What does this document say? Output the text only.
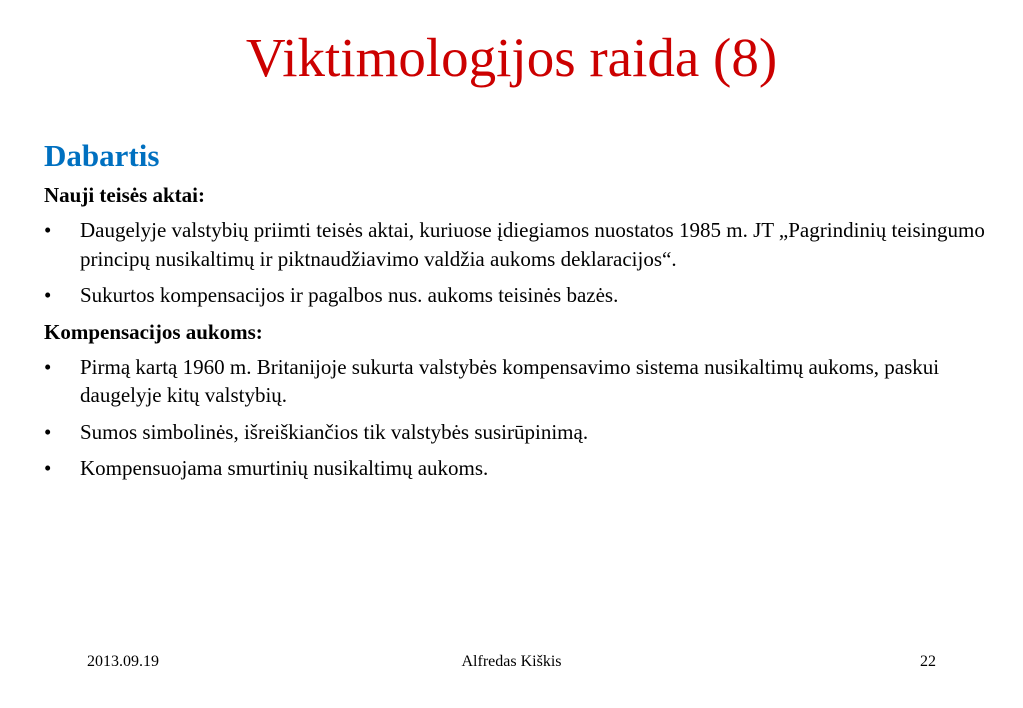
Viktimologijos raida (8)
Dabartis
Nauji teisės aktai:
• Daugelyje valstybių priimti teisės aktai, kuriuose įdiegiamos nuostatos 1985 m. JT „Pagrindinių teisingumo principų nusikaltimų ir piktnaudžiavimo valdžia aukoms deklaracijos“.
• Sukurtos kompensacijos ir pagalbos nus. aukoms teisinės bazės.
Kompensacijos aukoms:
• Pirmą kartą 1960 m. Britanijoje sukurta valstybės kompensavimo sistema nusikaltimų aukoms, paskui daugelyje kitų valstybių.
• Sumos simbolinės, išreiškiančios tik valstybės susirūpinimą.
• Kompensuojama smurtinių nusikaltimų aukoms.
2013.09.19	Alfredas Kiškis	22
